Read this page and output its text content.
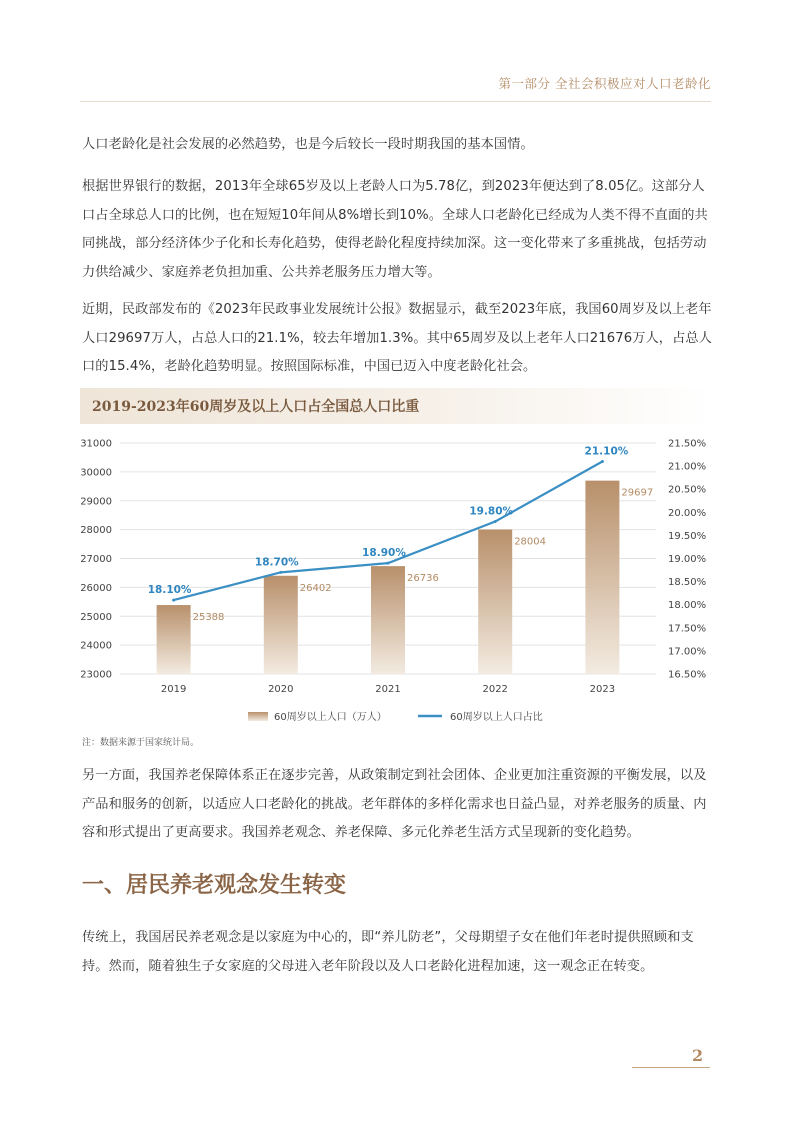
第一部分 全社会积极应对人口老龄化

人口老龄化是社会发展的必然趋势，也是今后较长一段时期我国的基本国情。

根据世界银行的数据，2013年全球65岁及以上老龄人口为5.78亿，到2023年便达到了8.05亿。这部分人口占全球总人口的比例，也在短短10年间从8%增长到10%。全球人口老龄化已经成为人类不得不直面的共同挑战，部分经济体少子化和长寿化趋势，使得老龄化程度持续加深。这一变化带来了多重挑战，包括劳动力供给减少、家庭养老负担加重、公共养老服务压力增大等。

近期，民政部发布的《2023年民政事业发展统计公报》数据显示，截至2023年底，我国60周岁及以上老年人口29697万人，占总人口的21.1%，较去年增加1.3%。其中65周岁及以上老年人口21676万人，占总人口的15.4%，老龄化趋势明显。按照国际标准，中国已迈入中度老龄化社会。

2019-2023年60周岁及以上人口占全国总人口比重
23000
24000
25000
26000
27000
28000
29000
30000
31000
16.50%
17.00%
17.50%
18.00%
18.50%
19.00%
19.50%
20.00%
20.50%
21.00%
21.50%
25388
26402
26736
28004
29697
2019	2020	2021	2022	2023
18.10%
18.70%
18.90%
19.80%
21.10%
60周岁以上人口（万人）	60周岁以上人口占比
注：数据来源于国家统计局。

另一方面，我国养老保障体系正在逐步完善，从政策制定到社会团体、企业更加注重资源的平衡发展，以及产品和服务的创新，以适应人口老龄化的挑战。老年群体的多样化需求也日益凸显，对养老服务的质量、内容和形式提出了更高要求。我国养老观念、养老保障、多元化养老生活方式呈现新的变化趋势。

一、居民养老观念发生转变

传统上，我国居民养老观念是以家庭为中心的，即“养儿防老”，父母期望子女在他们年老时提供照顾和支持。然而，随着独生子女家庭的父母进入老年阶段以及人口老龄化进程加速，这一观念正在转变。

2
